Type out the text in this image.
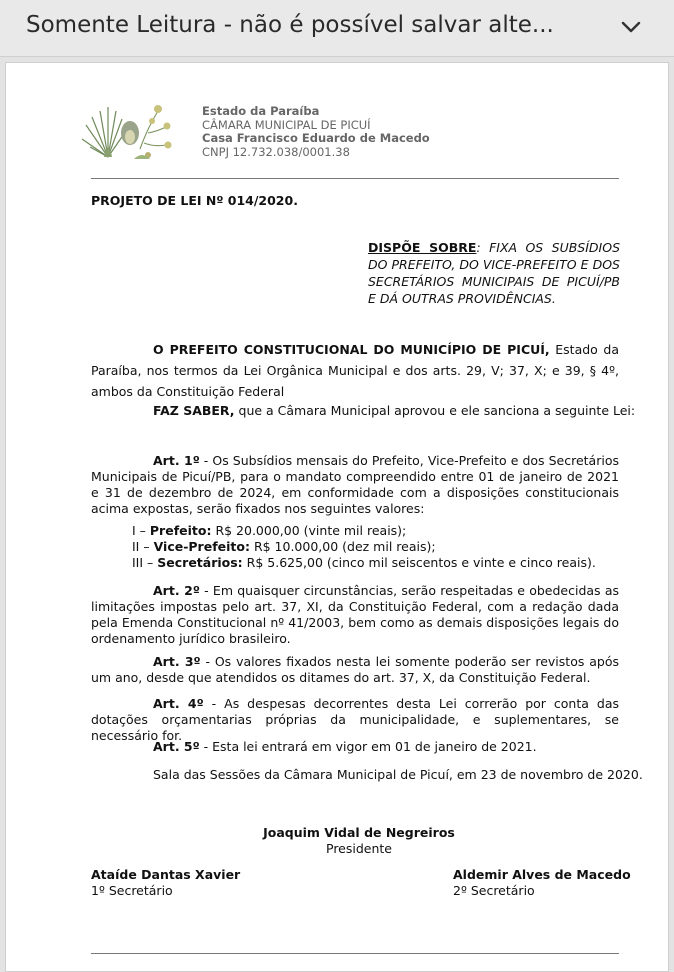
Somente Leitura - não é possível salvar alte...
Estado da Paraíba
CÂMARA MUNICIPAL DE PICUÍ
Casa Francisco Eduardo de Macedo
CNPJ 12.732.038/0001.38
PROJETO DE LEI Nº 014/2020.
DISPÕE SOBRE: FIXA OS SUBSÍDIOS DO PREFEITO, DO VICE-PREFEITO E DOS SECRETÁRIOS MUNICIPAIS DE PICUÍ/PB E DÁ OUTRAS PROVIDÊNCIAS.
O PREFEITO CONSTITUCIONAL DO MUNICÍPIO DE PICUÍ, Estado da Paraíba, nos termos da Lei Orgânica Municipal e dos arts. 29, V; 37, X; e 39, § 4º, ambos da Constituição Federal
FAZ SABER, que a Câmara Municipal aprovou e ele sanciona a seguinte Lei:
Art. 1º - Os Subsídios mensais do Prefeito, Vice-Prefeito e dos Secretários Municipais de Picuí/PB, para o mandato compreendido entre 01 de janeiro de 2021 e 31 de dezembro de 2024, em conformidade com a disposições constitucionais acima expostas, serão fixados nos seguintes valores:
I – Prefeito: R$ 20.000,00 (vinte mil reais);
II – Vice-Prefeito: R$ 10.000,00 (dez mil reais);
III – Secretários: R$ 5.625,00 (cinco mil seiscentos e vinte e cinco reais).
Art. 2º - Em quaisquer circunstâncias, serão respeitadas e obedecidas as limitações impostas pelo art. 37, XI, da Constituição Federal, com a redação dada pela Emenda Constitucional nº 41/2003, bem como as demais disposições legais do ordenamento jurídico brasileiro.
Art. 3º - Os valores fixados nesta lei somente poderão ser revistos após um ano, desde que atendidos os ditames do art. 37, X, da Constituição Federal.
Art. 4º - As despesas decorrentes desta Lei correrão por conta das dotações orçamentarias próprias da municipalidade, e suplementares, se necessário for.
Art. 5º - Esta lei entrará em vigor em 01 de janeiro de 2021.
Sala das Sessões da Câmara Municipal de Picuí, em 23 de novembro de 2020.
Joaquim Vidal de Negreiros
Presidente
Ataíde Dantas Xavier
1º Secretário
Aldemir Alves de Macedo
2º Secretário
